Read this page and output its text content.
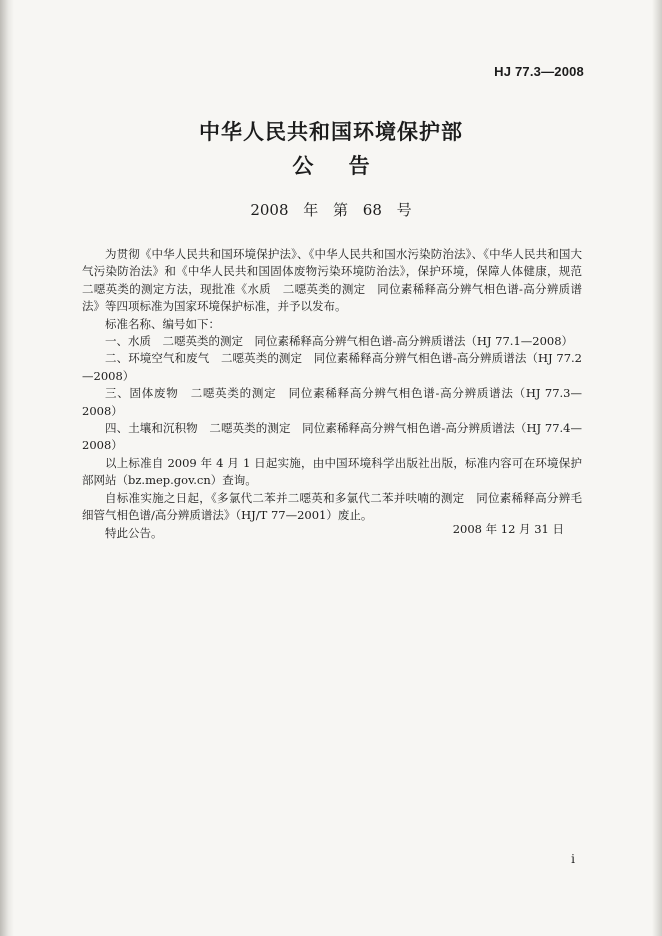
HJ 77.3—2008
中华人民共和国环境保护部
公 告
2008 年 第 68 号

为贯彻《中华人民共和国环境保护法》、《中华人民共和国水污染防治法》、《中华人民共和国大气污染防治法》和《中华人民共和国固体废物污染环境防治法》，保护环境，保障人体健康，规范二噁英类的测定方法，现批准《水质　二噁英类的测定　同位素稀释高分辨气相色谱-高分辨质谱法》等四项标准为国家环境保护标准，并予以发布。

标准名称、编号如下：

一、水质　二噁英类的测定　同位素稀释高分辨气相色谱-高分辨质谱法（HJ 77.1—2008）

二、环境空气和废气　二噁英类的测定　同位素稀释高分辨气相色谱-高分辨质谱法（HJ 77.2—2008）

三、固体废物　二噁英类的测定　同位素稀释高分辨气相色谱-高分辨质谱法（HJ 77.3—2008）

四、土壤和沉积物　二噁英类的测定　同位素稀释高分辨气相色谱-高分辨质谱法（HJ 77.4—2008）

以上标准自 2009 年 4 月 1 日起实施，由中国环境科学出版社出版，标准内容可在环境保护部网站（bz.mep.gov.cn）查询。

自标准实施之日起，《多氯代二苯并二噁英和多氯代二苯并呋喃的测定　同位素稀释高分辨毛细管气相色谱/高分辨质谱法》（HJ/T 77—2001）废止。

特此公告。	2008 年 12 月 31 日
i
